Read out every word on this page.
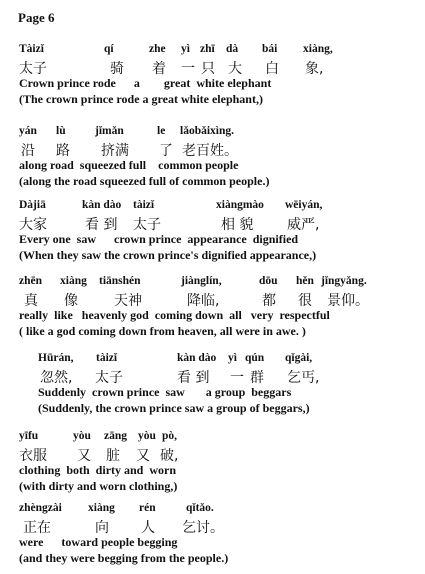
Page 6
Tàizǐ	qí	zhe yì zhī dà bái xiàng,
太子	骑 着 一 只 大 白 象,
Crown prince rode      a        great  white elephant
(The crown prince rode a great white elephant,)
yán lù	jǐmǎn	le lǎobǎixìng.
沿 路 挤满 了 老百姓。
along road  squeezed full    common people
(along the road squeezed full of common people.)
Dàjiā	kàn dào tàizǐ	xiàngmào wēiyán,
大家	看 到 太子	相 貌 威严,
Every one  saw      crown prince  appearance  dignified
(When they saw the crown prince's dignified appearance,)
zhēn xiàng tiānshén	jiànglín,	dōu hěn jǐngyǎng.
真 像	天神	降临,	都 很 景仰。
really  like   heavenly god  coming down  all   very  respectful
( like a god coming down from heaven, all were in awe. )
Hūrán, tàizǐ	kàn dào yì qún qǐgài,
忽然, 太子	看 到 一 群 乞丐,
Suddenly  crown prince  saw       a group  beggars
(Suddenly, the crown prince saw a group of beggars,)
yīfu	yòu zāng yòu pò,
衣服 又 脏 又 破,
clothing  both  dirty and  worn
(with dirty and worn clothing,)
zhèngzài xiàng rén	qǐtǎo.
正在	向 人 乞讨。
were      toward people begging
(and they were begging from the people.)
